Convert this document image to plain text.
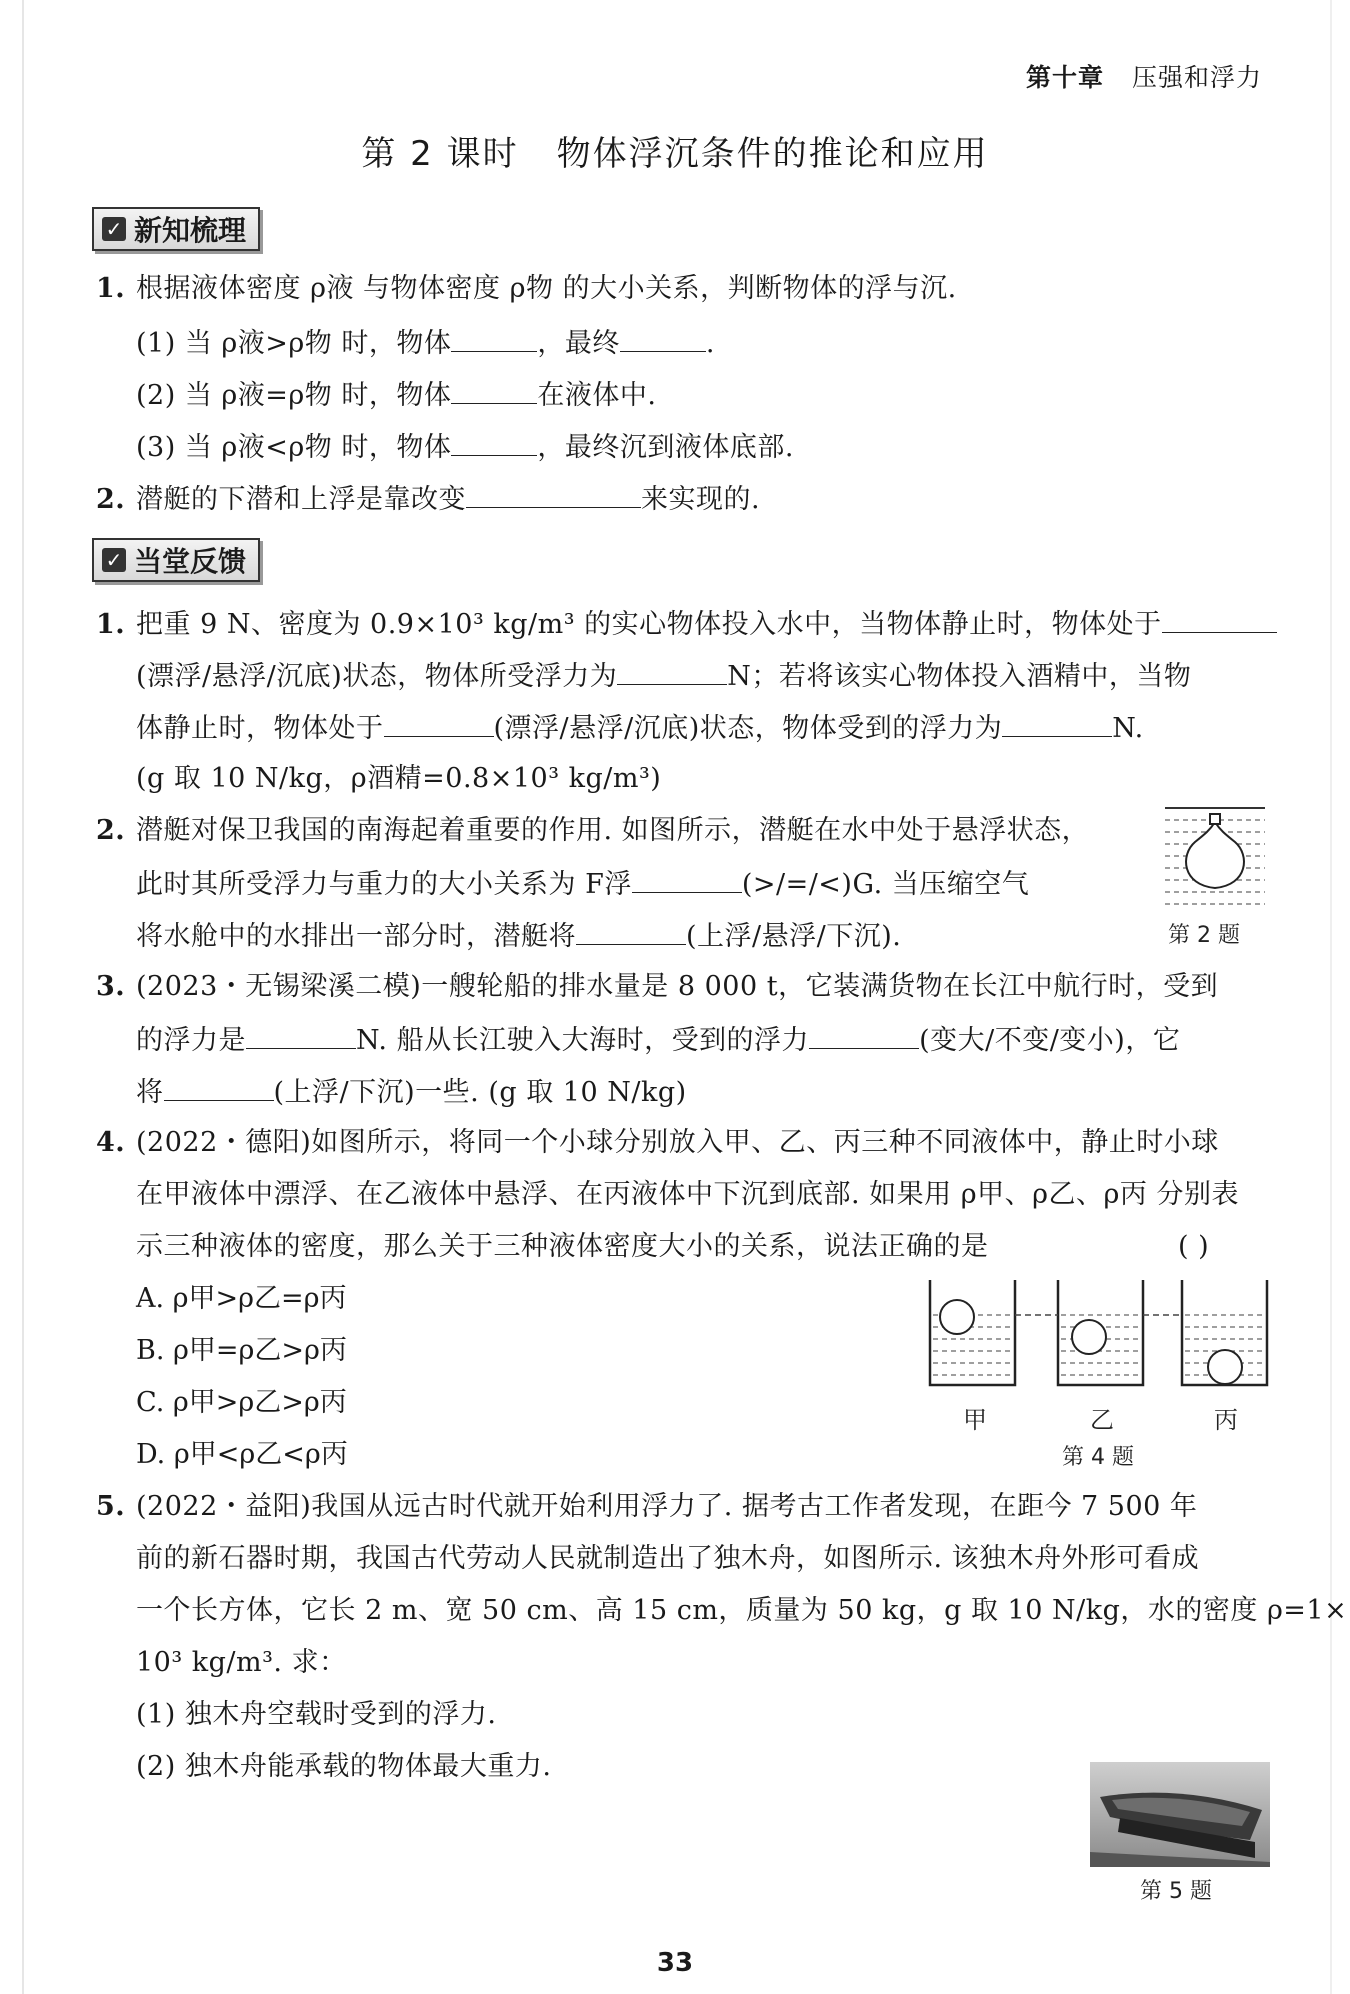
第十章 压强和浮力
第 2 课时 物体浮沉条件的推论和应用
✓ 新知梳理
1. 根据液体密度 ρ液 与物体密度 ρ物 的大小关系，判断物体的浮与沉.
(1) 当 ρ液>ρ物 时，物体	，最终	.
(2) 当 ρ液=ρ物 时，物体	在液体中.
(3) 当 ρ液<ρ物 时，物体	，最终沉到液体底部.
2. 潜艇的下潜和上浮是靠改变	来实现的.
✓ 当堂反馈
1. 把重 9 N、密度为 0.9×10³ kg/m³ 的实心物体投入水中，当物体静止时，物体处于
(漂浮/悬浮/沉底)状态，物体所受浮力为	N；若将该实心物体投入酒精中，当物
体静止时，物体处于	(漂浮/悬浮/沉底)状态，物体受到的浮力为	N.
(g 取 10 N/kg，ρ酒精=0.8×10³ kg/m³)
2. 潜艇对保卫我国的南海起着重要的作用. 如图所示，潜艇在水中处于悬浮状态，
此时其所受浮力与重力的大小关系为 F浮	(>/=/<)G. 当压缩空气
将水舱中的水排出一部分时，潜艇将	(上浮/悬浮/下沉).	第 2 题
3. (2023・无锡梁溪二模)一艘轮船的排水量是 8 000 t，它装满货物在长江中航行时，受到
的浮力是	N. 船从长江驶入大海时，受到的浮力	(变大/不变/变小)，它
将	(上浮/下沉)一些. (g 取 10 N/kg)
4. (2022・德阳)如图所示，将同一个小球分别放入甲、乙、丙三种不同液体中，静止时小球
在甲液体中漂浮、在乙液体中悬浮、在丙液体中下沉到底部. 如果用 ρ甲、ρ乙、ρ丙 分别表
示三种液体的密度，那么关于三种液体密度大小的关系，说法正确的是	( )
A. ρ甲>ρ乙=ρ丙
B. ρ甲=ρ乙>ρ丙
C. ρ甲>ρ乙>ρ丙
D. ρ甲<ρ乙<ρ丙
甲	乙	丙
第 4 题
5. (2022・益阳)我国从远古时代就开始利用浮力了. 据考古工作者发现，在距今 7 500 年
前的新石器时期，我国古代劳动人民就制造出了独木舟，如图所示. 该独木舟外形可看成
一个长方体，它长 2 m、宽 50 cm、高 15 cm，质量为 50 kg，g 取 10 N/kg，水的密度 ρ=1×
10³ kg/m³. 求：
(1) 独木舟空载时受到的浮力.
(2) 独木舟能承载的物体最大重力.
第 5 题
33
